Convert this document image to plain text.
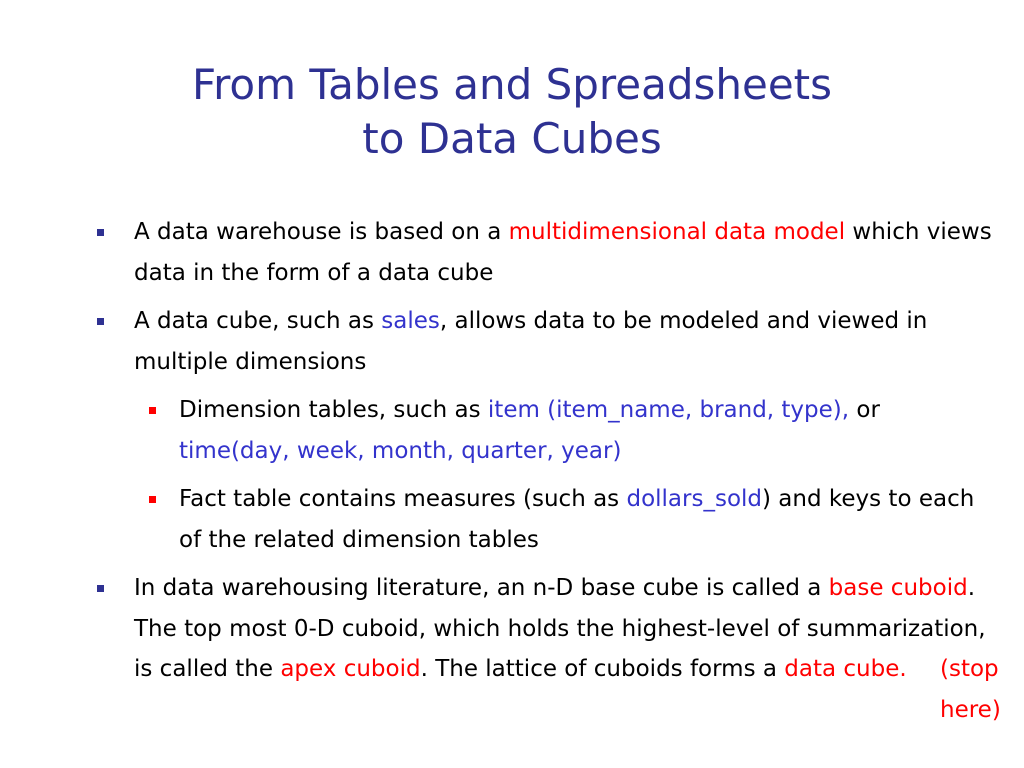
From Tables and Spreadsheets
to Data Cubes
A data warehouse is based on a multidimensional data model which views data in the form of a data cube
A data cube, such as sales, allows data to be modeled and viewed in multiple dimensions
Dimension tables, such as item (item_name, brand, type), or time(day, week, month, quarter, year)
Fact table contains measures (such as dollars_sold) and keys to each of the related dimension tables
In data warehousing literature, an n-D base cube is called a base cuboid. The top most 0-D cuboid, which holds the highest-level of summarization, is called the apex cuboid. The lattice of cuboids forms a data cube. (stop here)
